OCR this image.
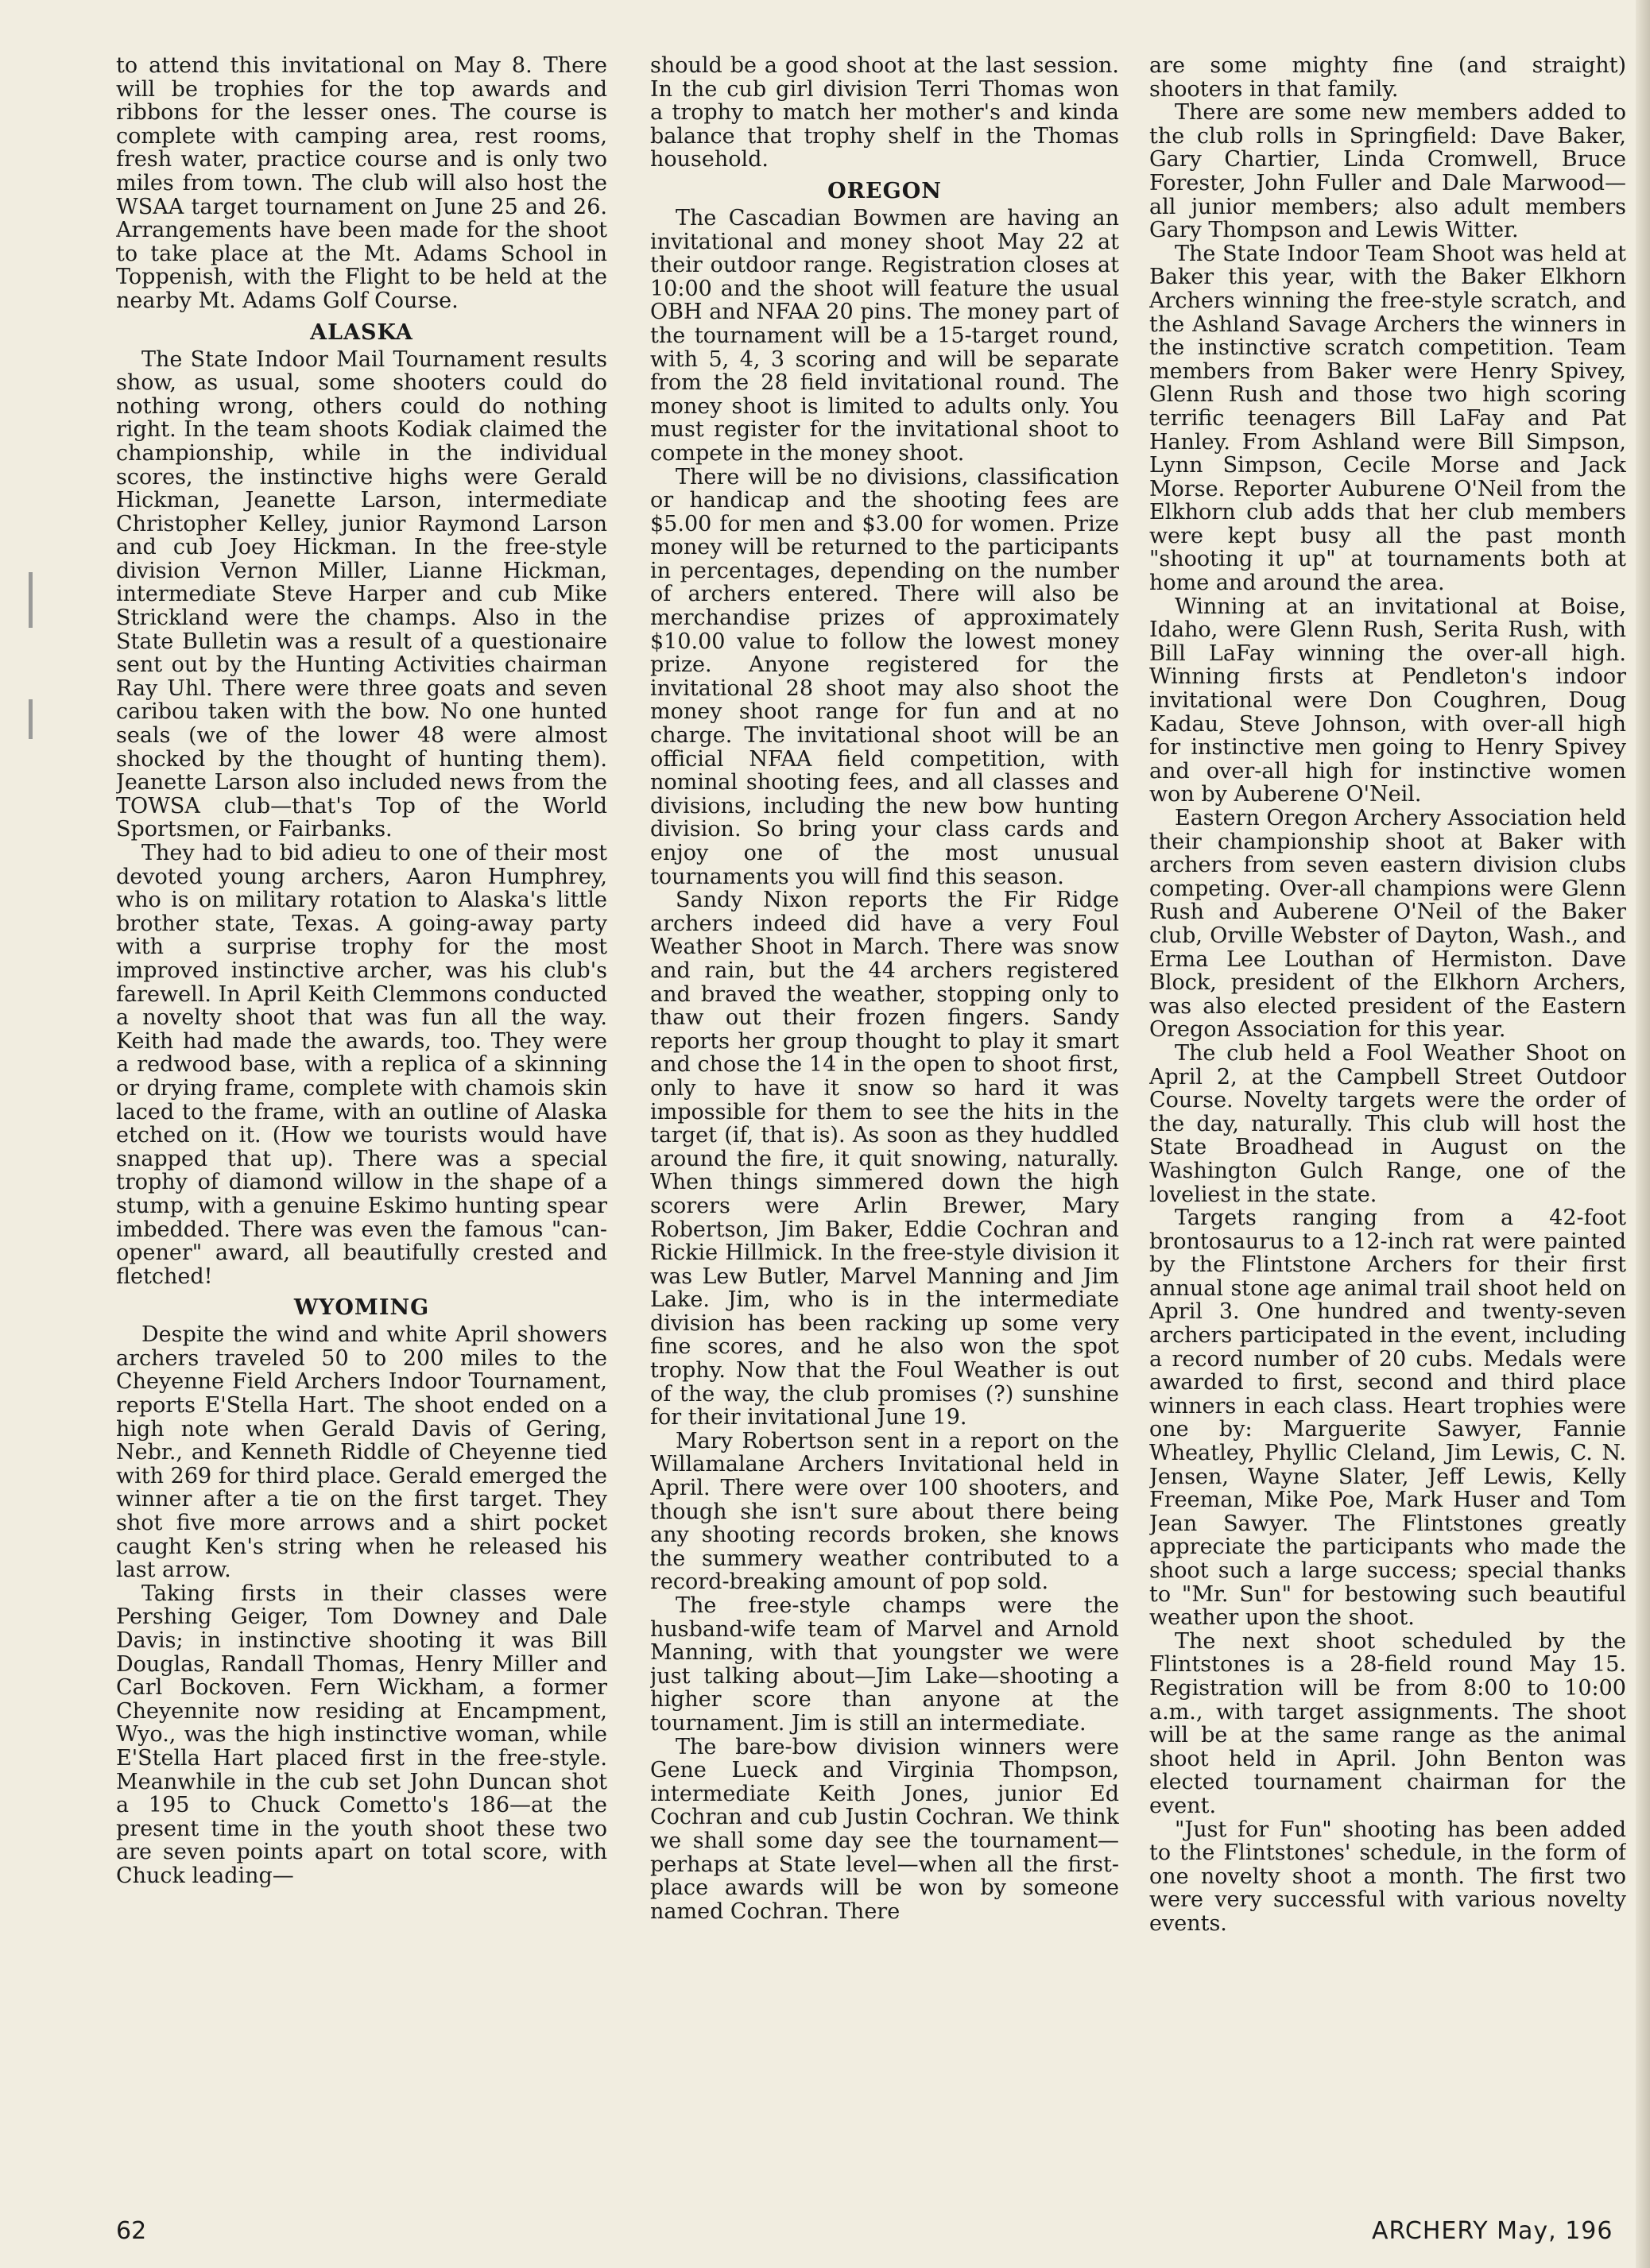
to attend this invitational on May 8. There will be trophies for the top awards and ribbons for the lesser ones. The course is complete with camping area, rest rooms, fresh water, practice course and is only two miles from town. The club will also host the WSAA target tournament on June 25 and 26. Arrangements have been made for the shoot to take place at the Mt. Adams School in Toppenish, with the Flight to be held at the nearby Mt. Adams Golf Course.

ALASKA

The State Indoor Mail Tournament results show, as usual, some shooters could do nothing wrong, others could do nothing right. In the team shoots Kodiak claimed the championship, while in the individual scores, the instinctive highs were Gerald Hickman, Jeanette Larson, intermediate Christopher Kelley, junior Raymond Larson and cub Joey Hickman. In the free-style division Vernon Miller, Lianne Hickman, intermediate Steve Harper and cub Mike Strickland were the champs. Also in the State Bulletin was a result of a questionaire sent out by the Hunting Activities chairman Ray Uhl. There were three goats and seven caribou taken with the bow. No one hunted seals (we of the lower 48 were almost shocked by the thought of hunting them). Jeanette Larson also included news from the TOWSA club—that's Top of the World Sportsmen, or Fairbanks.

They had to bid adieu to one of their most devoted young archers, Aaron Humphrey, who is on military rotation to Alaska's little brother state, Texas. A going-away party with a surprise trophy for the most improved instinctive archer, was his club's farewell. In April Keith Clemmons conducted a novelty shoot that was fun all the way. Keith had made the awards, too. They were a redwood base, with a replica of a skinning or drying frame, complete with chamois skin laced to the frame, with an outline of Alaska etched on it. (How we tourists would have snapped that up). There was a special trophy of diamond willow in the shape of a stump, with a genuine Eskimo hunting spear imbedded. There was even the famous "can-opener" award, all beautifully crested and fletched!

WYOMING

Despite the wind and white April showers archers traveled 50 to 200 miles to the Cheyenne Field Archers Indoor Tournament, reports E'Stella Hart. The shoot ended on a high note when Gerald Davis of Gering, Nebr., and Kenneth Riddle of Cheyenne tied with 269 for third place. Gerald emerged the winner after a tie on the first target. They shot five more arrows and a shirt pocket caught Ken's string when he released his last arrow.

Taking firsts in their classes were Pershing Geiger, Tom Downey and Dale Davis; in instinctive shooting it was Bill Douglas, Randall Thomas, Henry Miller and Carl Bockoven. Fern Wickham, a former Cheyennite now residing at Encampment, Wyo., was the high instinctive woman, while E'Stella Hart placed first in the free-style. Meanwhile in the cub set John Duncan shot a 195 to Chuck Cometto's 186—at the present time in the youth shoot these two are seven points apart on total score, with Chuck leading—

should be a good shoot at the last session. In the cub girl division Terri Thomas won a trophy to match her mother's and kinda balance that trophy shelf in the Thomas household.

OREGON

The Cascadian Bowmen are having an invitational and money shoot May 22 at their outdoor range. Registration closes at 10:00 and the shoot will feature the usual OBH and NFAA 20 pins. The money part of the tournament will be a 15-target round, with 5, 4, 3 scoring and will be separate from the 28 field invitational round. The money shoot is limited to adults only. You must register for the invitational shoot to compete in the money shoot.

There will be no divisions, classification or handicap and the shooting fees are $5.00 for men and $3.00 for women. Prize money will be returned to the participants in percentages, depending on the number of archers entered. There will also be merchandise prizes of approximately $10.00 value to follow the lowest money prize. Anyone registered for the invitational 28 shoot may also shoot the money shoot range for fun and at no charge. The invitational shoot will be an official NFAA field competition, with nominal shooting fees, and all classes and divisions, including the new bow hunting division. So bring your class cards and enjoy one of the most unusual tournaments you will find this season.

Sandy Nixon reports the Fir Ridge archers indeed did have a very Foul Weather Shoot in March. There was snow and rain, but the 44 archers registered and braved the weather, stopping only to thaw out their frozen fingers. Sandy reports her group thought to play it smart and chose the 14 in the open to shoot first, only to have it snow so hard it was impossible for them to see the hits in the target (if, that is). As soon as they huddled around the fire, it quit snowing, naturally. When things simmered down the high scorers were Arlin Brewer, Mary Robertson, Jim Baker, Eddie Cochran and Rickie Hillmick. In the free-style division it was Lew Butler, Marvel Manning and Jim Lake. Jim, who is in the intermediate division has been racking up some very fine scores, and he also won the spot trophy. Now that the Foul Weather is out of the way, the club promises (?) sunshine for their invitational June 19.

Mary Robertson sent in a report on the Willamalane Archers Invitational held in April. There were over 100 shooters, and though she isn't sure about there being any shooting records broken, she knows the summery weather contributed to a record-breaking amount of pop sold.

The free-style champs were the husband-wife team of Marvel and Arnold Manning, with that youngster we were just talking about—Jim Lake—shooting a higher score than anyone at the tournament. Jim is still an intermediate.

The bare-bow division winners were Gene Lueck and Virginia Thompson, intermediate Keith Jones, junior Ed Cochran and cub Justin Cochran. We think we shall some day see the tournament—perhaps at State level—when all the first-place awards will be won by someone named Cochran. There

are some mighty fine (and straight) shooters in that family.

There are some new members added to the club rolls in Springfield: Dave Baker, Gary Chartier, Linda Cromwell, Bruce Forester, John Fuller and Dale Marwood—all junior members; also adult members Gary Thompson and Lewis Witter.

The State Indoor Team Shoot was held at Baker this year, with the Baker Elkhorn Archers winning the free-style scratch, and the Ashland Savage Archers the winners in the instinctive scratch competition. Team members from Baker were Henry Spivey, Glenn Rush and those two high scoring terrific teenagers Bill LaFay and Pat Hanley. From Ashland were Bill Simpson, Lynn Simpson, Cecile Morse and Jack Morse. Reporter Auburene O'Neil from the Elkhorn club adds that her club members were kept busy all the past month "shooting it up" at tournaments both at home and around the area.

Winning at an invitational at Boise, Idaho, were Glenn Rush, Serita Rush, with Bill LaFay winning the over-all high. Winning firsts at Pendleton's indoor invitational were Don Coughren, Doug Kadau, Steve Johnson, with over-all high for instinctive men going to Henry Spivey and over-all high for instinctive women won by Auberene O'Neil.

Eastern Oregon Archery Association held their championship shoot at Baker with archers from seven eastern division clubs competing. Over-all champions were Glenn Rush and Auberene O'Neil of the Baker club, Orville Webster of Dayton, Wash., and Erma Lee Louthan of Hermiston. Dave Block, president of the Elkhorn Archers, was also elected president of the Eastern Oregon Association for this year.

The club held a Fool Weather Shoot on April 2, at the Campbell Street Outdoor Course. Novelty targets were the order of the day, naturally. This club will host the State Broadhead in August on the Washington Gulch Range, one of the loveliest in the state.

Targets ranging from a 42-foot brontosaurus to a 12-inch rat were painted by the Flintstone Archers for their first annual stone age animal trail shoot held on April 3. One hundred and twenty-seven archers participated in the event, including a record number of 20 cubs. Medals were awarded to first, second and third place winners in each class. Heart trophies were one by: Marguerite Sawyer, Fannie Wheatley, Phyllic Cleland, Jim Lewis, C. N. Jensen, Wayne Slater, Jeff Lewis, Kelly Freeman, Mike Poe, Mark Huser and Tom Jean Sawyer. The Flintstones greatly appreciate the participants who made the shoot such a large success; special thanks to "Mr. Sun" for bestowing such beautiful weather upon the shoot.

The next shoot scheduled by the Flintstones is a 28-field round May 15. Registration will be from 8:00 to 10:00 a.m., with target assignments. The shoot will be at the same range as the animal shoot held in April. John Benton was elected tournament chairman for the event.

"Just for Fun" shooting has been added to the Flintstones' schedule, in the form of one novelty shoot a month. The first two were very successful with various novelty events.

62	ARCHERY May, 196
